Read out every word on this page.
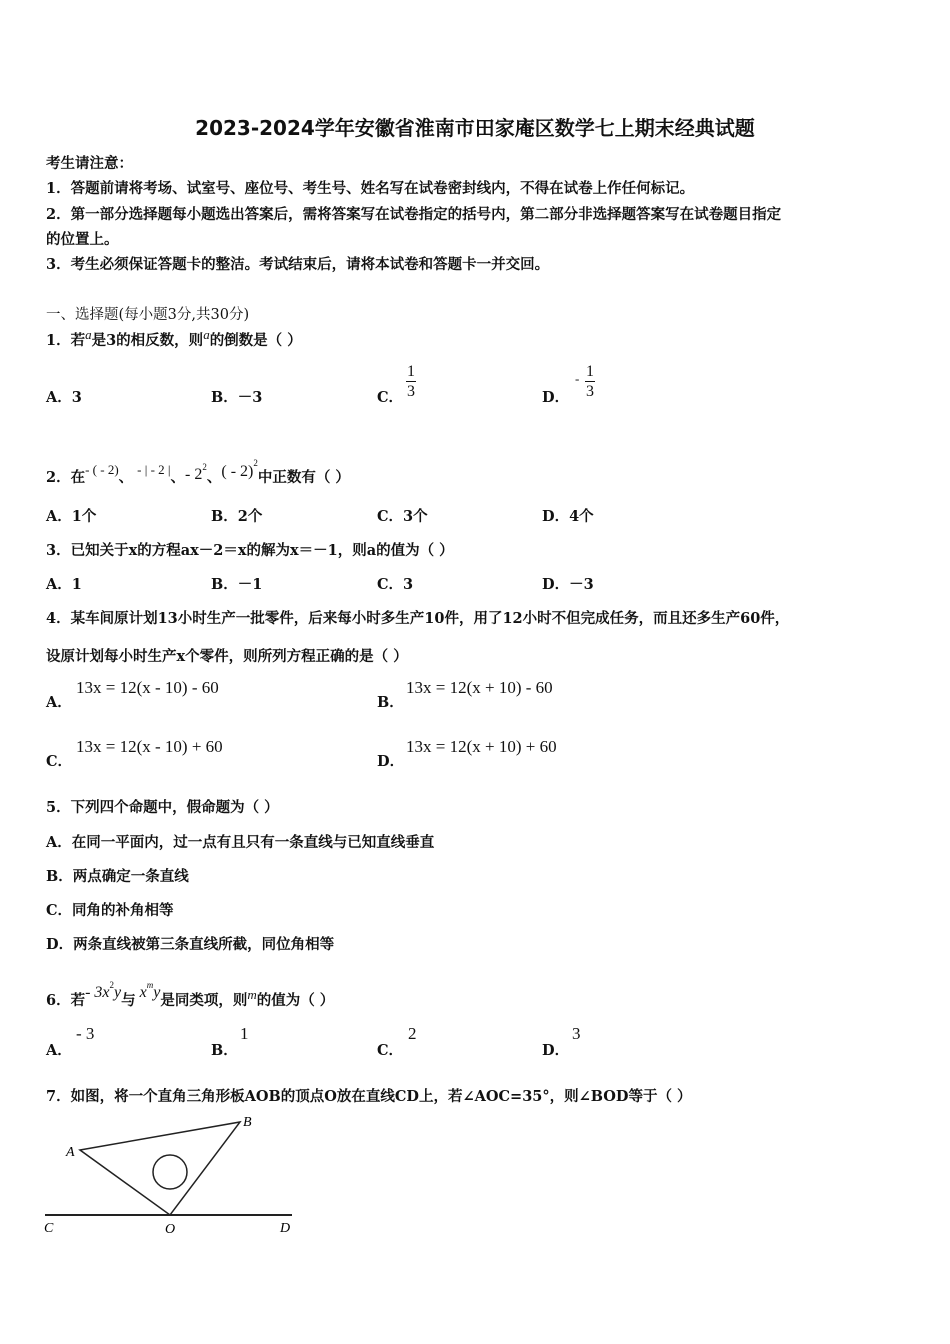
2023-2024学年安徽省淮南市田家庵区数学七上期末经典试题
考生请注意：
1．答题前请将考场、试室号、座位号、考生号、姓名写在试卷密封线内，不得在试卷上作任何标记。
2．第一部分选择题每小题选出答案后，需将答案写在试卷指定的括号内，第二部分非选择题答案写在试卷题目指定
的位置上。
3．考生必须保证答题卡的整洁。考试结束后，请将本试卷和答题卡一并交回。
一、选择题(每小题3分,共30分)
1．若a是3的相反数，则a的倒数是（ ）
A．3	B．－3	C． $\frac{1}{3}$	D．
- $\frac{1}{3}$
2．在- ( - 2)、 - | - 2 |、- $2^2$、( - 2)$^2$中正数有（ ）
A．1个	B．2个	C．3个	D．4个
3．已知关于x的方程ax－2＝x的解为x＝－1，则a的值为（ ）
A．1	B．－1	C．3	D．－3
4．某车间原计划13小时生产一批零件，后来每小时多生产10件，用了12小时不但完成任务，而且还多生产60件，
设原计划每小时生产x个零件，则所列方程正确的是（ ）
A．
13x = 12(x - 10) - 60
B．
13x = 12(x + 10) - 60
C．
13x = 12(x - 10) + 60
D．
13x = 12(x + 10) + 60
5．下列四个命题中，假命题为（ ）
A．在同一平面内，过一点有且只有一条直线与已知直线垂直
B．两点确定一条直线
C．同角的补角相等
D．两条直线被第三条直线所截，同位角相等
6．若- $3x^2y$与 $x^my$是同类项，则m的值为（ ）
A．
- 3
B．
1
C．
2
D．
3
7．如图，将一个直角三角形板AOB的顶点O放在直线CD上，若∠AOC=35°，则∠BOD等于（ ）
A
B
O
C	D
